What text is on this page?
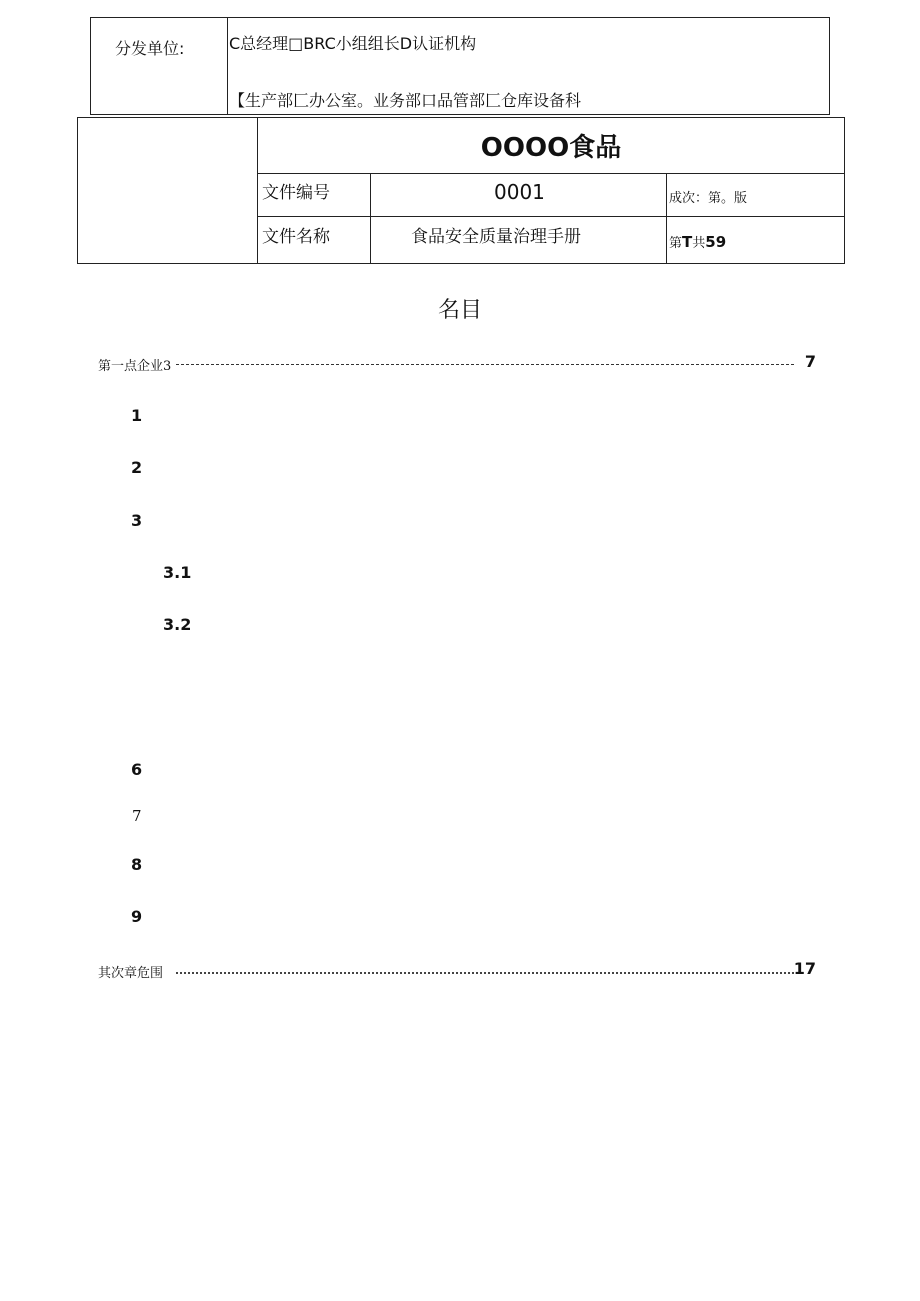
分发单位:	C总经理□BRC小组组长D认证机构
【生产部匚办公室。业务部口品管部匚仓库设备科
OOOO食品
文件编号	0001	成次：第。版
文件名称	食品安全质量治理手册	第T共59
名目
第一点企业3	7
1
2
3
3.1
3.2
6
7
8
9
其次章危围	17
